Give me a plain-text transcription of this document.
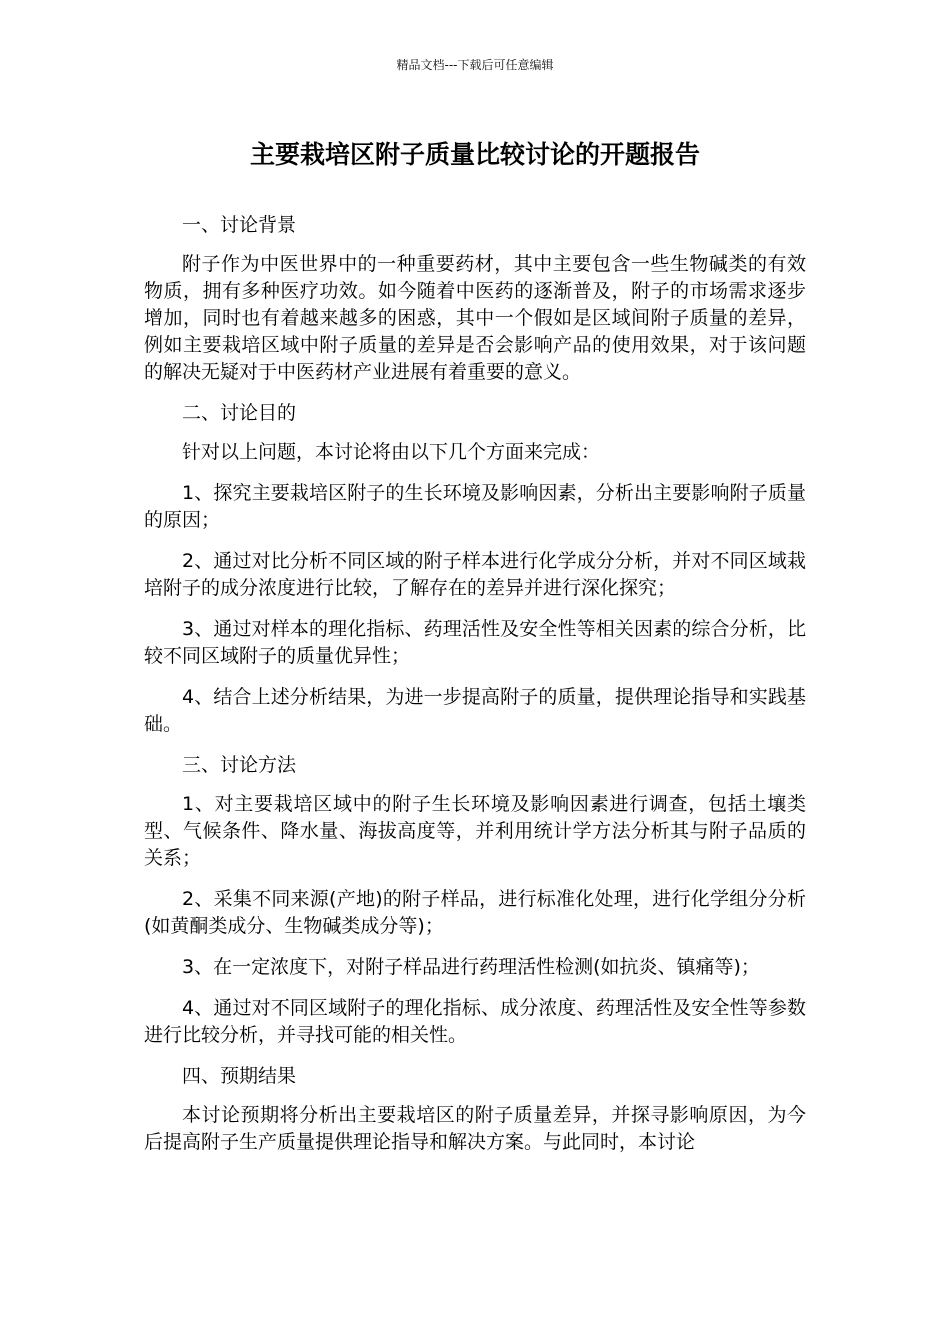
精品文档---下载后可任意编辑
主要栽培区附子质量比较讨论的开题报告

一、讨论背景

附子作为中医世界中的一种重要药材，其中主要包含一些生物碱类的有效物质，拥有多种医疗功效。如今随着中医药的逐渐普及，附子的市场需求逐步增加，同时也有着越来越多的困惑，其中一个假如是区域间附子质量的差异，例如主要栽培区域中附子质量的差异是否会影响产品的使用效果，对于该问题的解决无疑对于中医药材产业进展有着重要的意义。

二、讨论目的

针对以上问题，本讨论将由以下几个方面来完成：

1、探究主要栽培区附子的生长环境及影响因素，分析出主要影响附子质量的原因；

2、通过对比分析不同区域的附子样本进行化学成分分析，并对不同区域栽培附子的成分浓度进行比较，了解存在的差异并进行深化探究；

3、通过对样本的理化指标、药理活性及安全性等相关因素的综合分析，比较不同区域附子的质量优异性；

4、结合上述分析结果，为进一步提高附子的质量，提供理论指导和实践基础。

三、讨论方法

1、对主要栽培区域中的附子生长环境及影响因素进行调查，包括土壤类型、气候条件、降水量、海拔高度等，并利用统计学方法分析其与附子品质的关系；

2、采集不同来源(产地)的附子样品，进行标准化处理，进行化学组分分析(如黄酮类成分、生物碱类成分等)；

3、在一定浓度下，对附子样品进行药理活性检测(如抗炎、镇痛等)；

4、通过对不同区域附子的理化指标、成分浓度、药理活性及安全性等参数进行比较分析，并寻找可能的相关性。

四、预期结果

本讨论预期将分析出主要栽培区的附子质量差异，并探寻影响原因，为今后提高附子生产质量提供理论指导和解决方案。与此同时，本讨论
